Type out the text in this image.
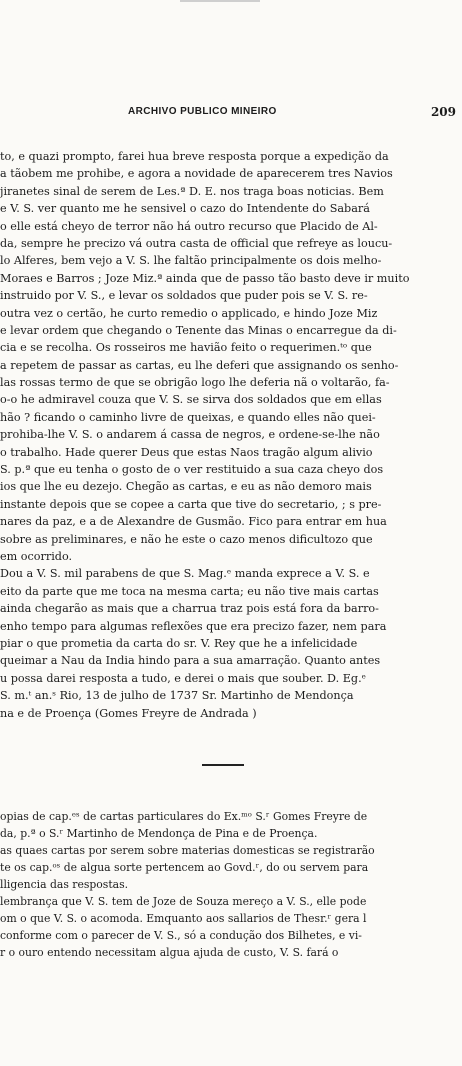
ARCHIVO PUBLICO MINEIRO	209
to, e quazi prompto, farei hua breve resposta porque a expedição da
a tãobem me prohibe, e agora a novidade de aparecerem tres Navios
jiranetes sinal de serem de Les.ª D. E. nos traga boas noticias. Bem
e V. S. ver quanto me he sensivel o cazo do Intendente do Sabará
o elle está cheyo de terror não há outro recurso que Placido de Al-
da, sempre he precizo vá outra casta de official que refreye as loucu-
lo Alferes, bem vejo a V. S. lhe faltão principalmente os dois melho-
Moraes e Barros ; Joze Miz.ª ainda que de passo tão basto deve ir muito
instruido por V. S., e levar os soldados que puder pois se V. S. re-
outra vez o certão, he curto remedio o applicado, e hindo Joze Miz
e levar ordem que chegando o Tenente das Minas o encarregue da di-
cia e se recolha. Os rosseiros me havião feito o requerimen.ᵗᵒ que
a repetem de passar as cartas, eu lhe deferi que assignando os senho-
las rossas termo de que se obrigão logo lhe deferia nã o voltarão, fa-
o-o he admiravel couza que V. S. se sirva dos soldados que em ellas
hão ? ficando o caminho livre de queixas, e quando elles não quei-
prohiba-lhe V. S. o andarem á cassa de negros, e ordene-se-lhe não
o trabalho. Hade querer Deus que estas Naos tragão algum alivio
S. p.ª que eu tenha o gosto de o ver restituido a sua caza cheyo dos
ios que lhe eu dezejo. Chegão as cartas, e eu as não demoro mais
instante depois que se copee a carta que tive do secretario, ; s pre-
nares da paz, e a de Alexandre de Gusmão. Fico para entrar em hua
sobre as preliminares, e não he este o cazo menos dificultozo que
em ocorrido.
Dou a V. S. mil parabens de que S. Mag.ᵉ manda exprece a V. S. e
eito da parte que me toca na mesma carta; eu não tive mais cartas
ainda chegarão as mais que a charrua traz pois está fora da barro-
enho tempo para algumas reflexões que era precizo fazer, nem para
piar o que prometia da carta do sr. V. Rey que he a infelicidade
queimar a Nau da India hindo para a sua amarração. Quanto antes
u possa darei resposta a tudo, e derei o mais que souber. D. Eg.ᵉ
S. m.ᵗ an.ˢ Rio, 13 de julho de 1737 Sr. Martinho de Mendonça
na e de Proença (Gomes Freyre de Andrada )
opias de cap.ᵉˢ de cartas particulares do Ex.ᵐᵒ S.ʳ Gomes Freyre de
da, p.ª o S.ʳ Martinho de Mendonça de Pina e de Proença.
as quaes cartas por serem sobre materias domesticas se registrarão
te os cap.ᵒˢ de algua sorte pertencem ao Govd.ʳ, do ou servem para
lligencia das respostas.
lembrança que V. S. tem de Joze de Souza mereço a V. S., elle pode
om o que V. S. o acomoda. Emquanto aos sallarios de Thesr.ʳ gera l
conforme com o parecer de V. S., só a condução dos Bilhetes, e vi-
r o ouro entendo necessitam algua ajuda de custo, V. S. fará o
